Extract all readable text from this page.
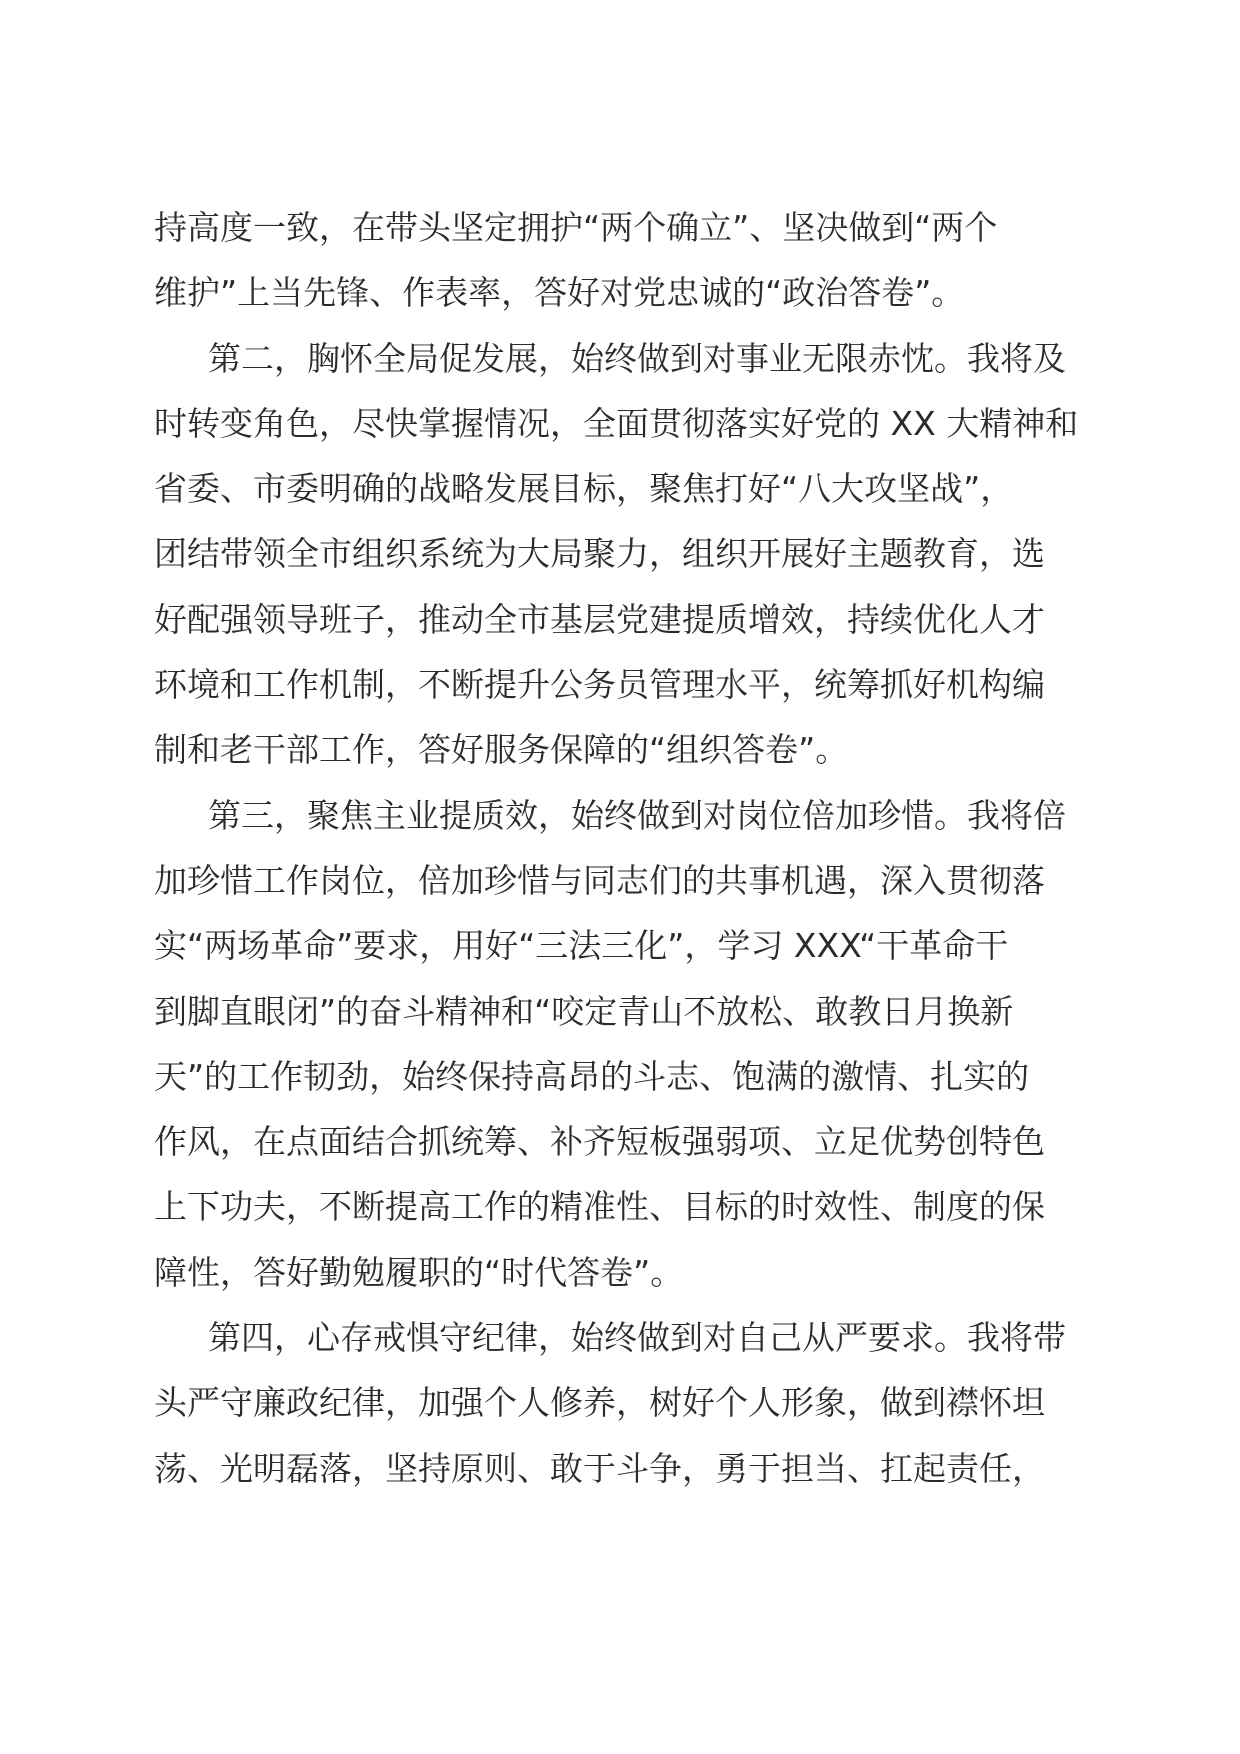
持高度一致，在带头坚定拥护“两个确立”、坚决做到“两个
维护”上当先锋、作表率，答好对党忠诚的“政治答卷”。
第二，胸怀全局促发展，始终做到对事业无限赤忱。我将及
时转变角色，尽快掌握情况，全面贯彻落实好党的 XX 大精神和
省委、市委明确的战略发展目标，聚焦打好“八大攻坚战”，
团结带领全市组织系统为大局聚力，组织开展好主题教育，选
好配强领导班子，推动全市基层党建提质增效，持续优化人才
环境和工作机制，不断提升公务员管理水平，统筹抓好机构编
制和老干部工作，答好服务保障的“组织答卷”。
第三，聚焦主业提质效，始终做到对岗位倍加珍惜。我将倍
加珍惜工作岗位，倍加珍惜与同志们的共事机遇，深入贯彻落
实“两场革命”要求，用好“三法三化”，学习 XXX“干革命干
到脚直眼闭”的奋斗精神和“咬定青山不放松、敢教日月换新
天”的工作韧劲，始终保持高昂的斗志、饱满的激情、扎实的
作风，在点面结合抓统筹、补齐短板强弱项、立足优势创特色
上下功夫，不断提高工作的精准性、目标的时效性、制度的保
障性，答好勤勉履职的“时代答卷”。
第四，心存戒惧守纪律，始终做到对自己从严要求。我将带
头严守廉政纪律，加强个人修养，树好个人形象，做到襟怀坦
荡、光明磊落，坚持原则、敢于斗争，勇于担当、扛起责任，
